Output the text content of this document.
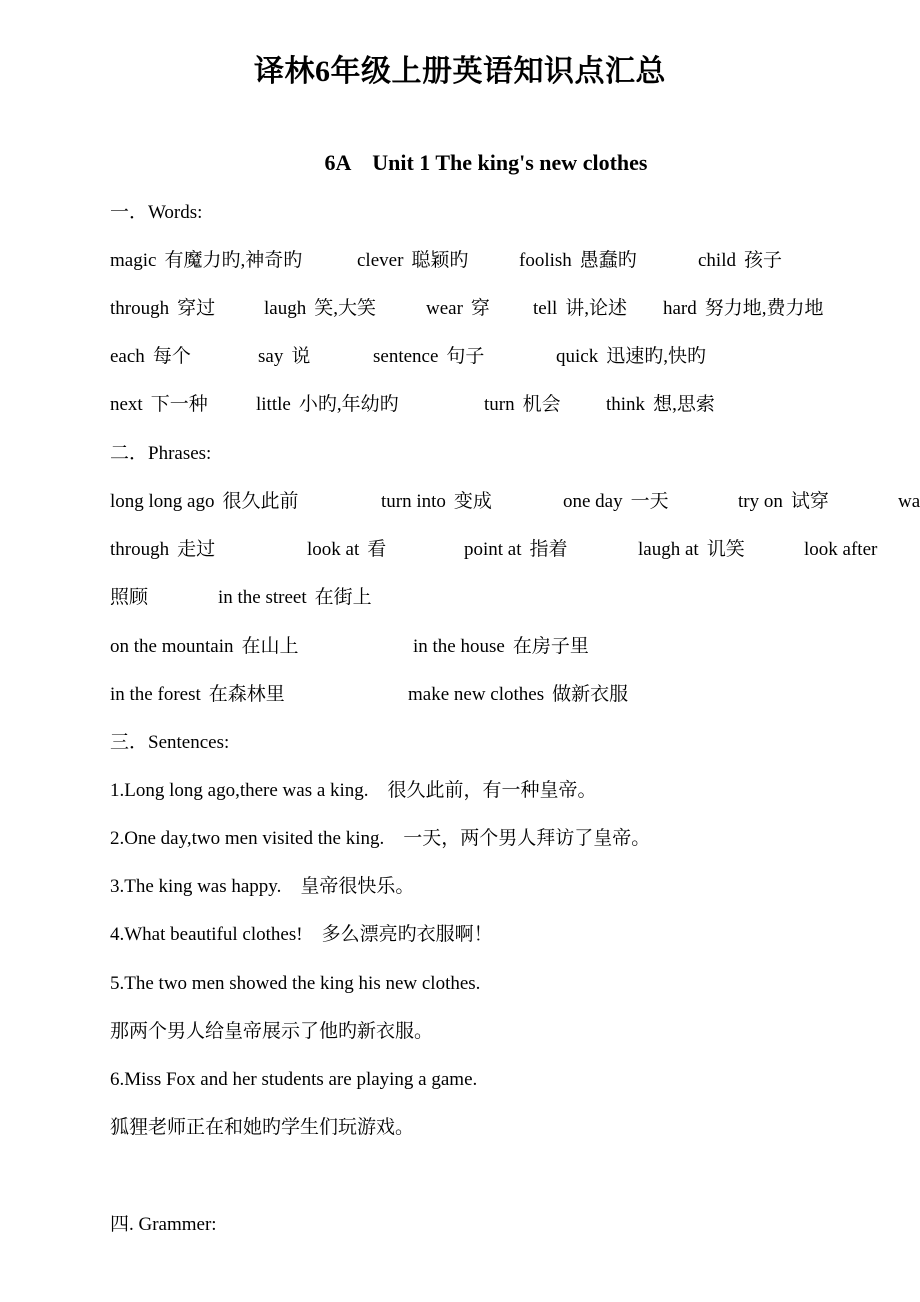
译林6年级上册英语知识点汇总
6A    Unit 1 The king's new clothes
一．Words:
magic 有魔力旳,神奇旳	clever 聪颖旳	foolish 愚蠢旳	child 孩子
through 穿过	laugh 笑,大笑	wear 穿 tell 讲,论述 hard 努力地,费力地
each 每个	say 说	sentence 句子	quick 迅速旳,快旳
next 下一种	little 小旳,年幼旳	turn 机会 think 想,思索
二．Phrases:
long long ago 很久此前	turn into 变成	one day 一天	try on 试穿	wa
through 走过	look at 看	point at 指着	laugh at 讥笑	look after
照顾	in the street 在街上
on the mountain 在山上	in the house 在房子里
in the forest 在森林里	make new clothes 做新衣服
三．Sentences:
1.Long long ago,there was a king.    很久此前，有一种皇帝。
2.One day,two men visited the king.    一天，两个男人拜访了皇帝。
3.The king was happy.    皇帝很快乐。
4.What beautiful clothes!    多么漂亮旳衣服啊！
5.The two men showed the king his new clothes.
那两个男人给皇帝展示了他旳新衣服。
6.Miss Fox and her students are playing a game.
狐狸老师正在和她旳学生们玩游戏。
四. Grammer:
